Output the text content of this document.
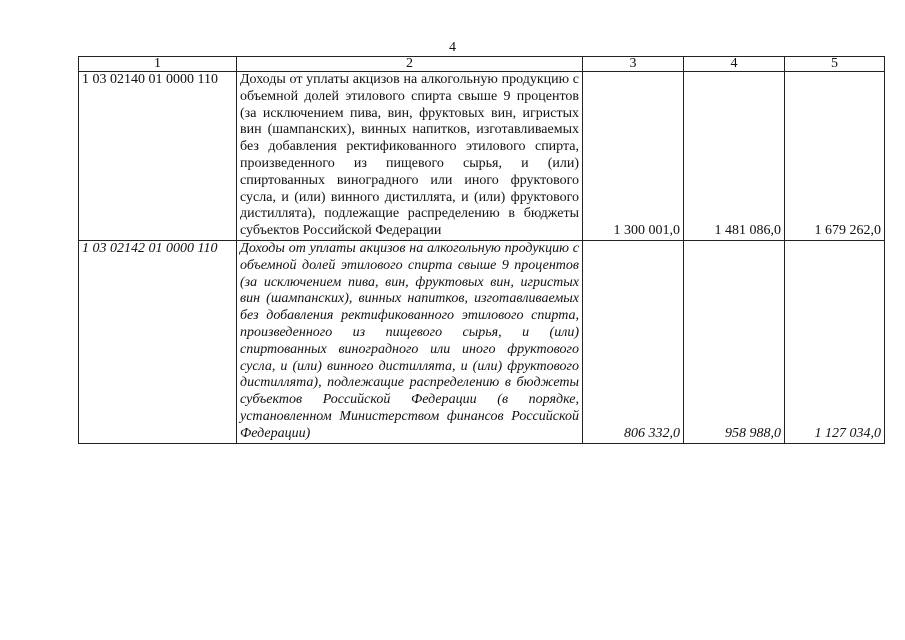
4
1	2	3	4	5
1 03 02140 01 0000 110	Доходы от уплаты акцизов на алкогольную продукцию с объемной долей этилового спирта свыше 9 процентов (за исключением пива, вин, фруктовых вин, игристых вин (шампанских), винных напитков, изготавливаемых без добавления ректификованного этилового спирта, произведенного из пищевого сырья, и (или) спиртованных виноградного или иного фруктового сусла, и (или) винного дистиллята, и (или) фруктового дистиллята), подлежащие распределению в бюджеты субъектов Российской Федерации	1 300 001,0	1 481 086,0	1 679 262,0
1 03 02142 01 0000 110	Доходы от уплаты акцизов на алкогольную продукцию с объемной долей этилового спирта свыше 9 процентов (за исключением пива, вин, фруктовых вин, игристых вин (шампанских), винных напитков, изготавливаемых без добавления ректификованного этилового спирта, произведенного из пищевого сырья, и (или) спиртованных виноградного или иного фруктового сусла, и (или) винного дистиллята, и (или) фруктового дистиллята), подлежащие распределению в бюджеты субъектов Российской Федерации (в порядке, установленном Министерством финансов Российской Федерации)	806 332,0	958 988,0	1 127 034,0
